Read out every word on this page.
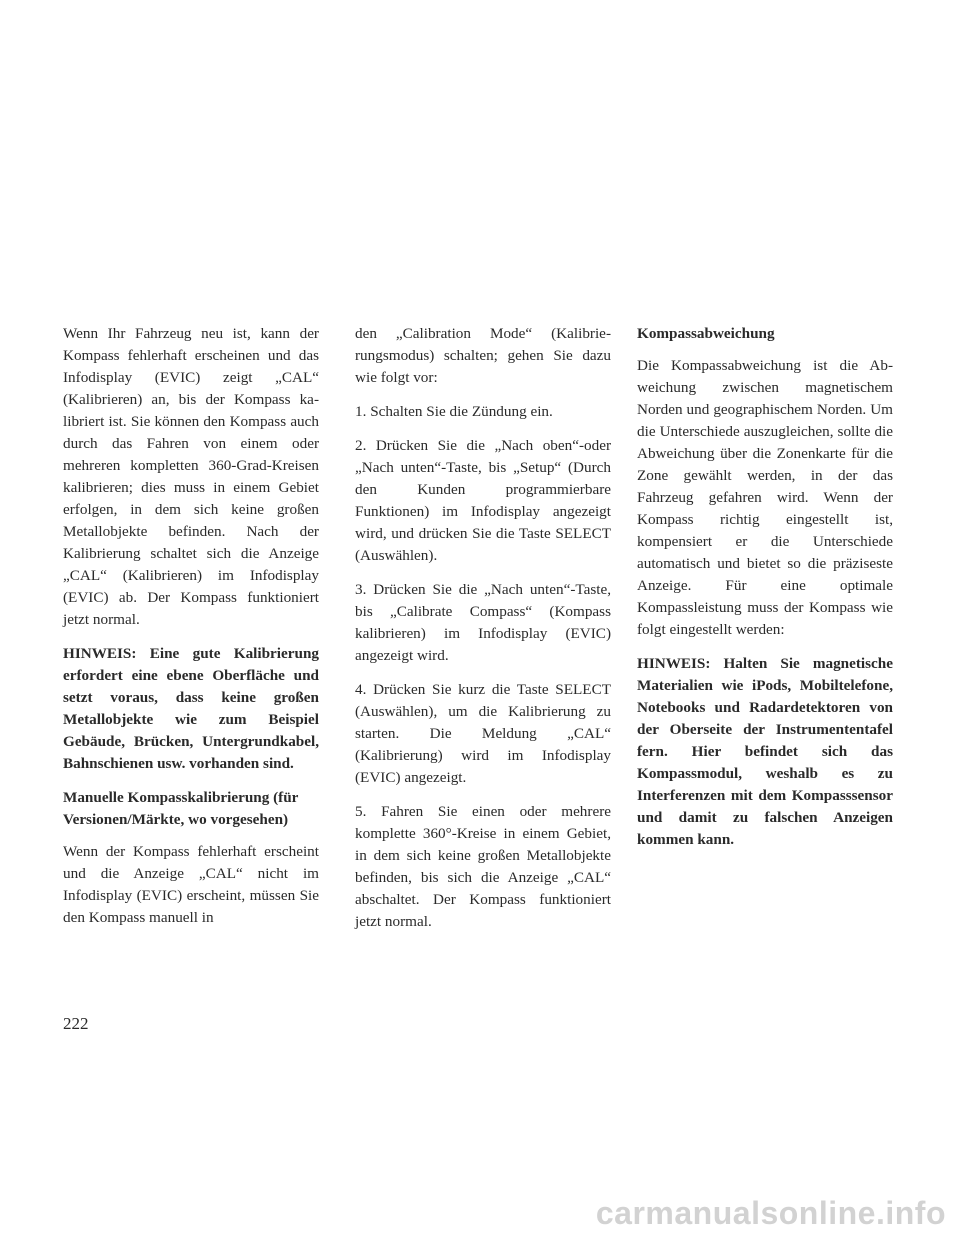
Wenn Ihr Fahrzeug neu ist, kann der Kompass fehlerhaft erscheinen und das Infodisplay (EVIC) zeigt „CAL“ (Kalibrieren) an, bis der Kompass kalibriert ist. Sie können den Kompass auch durch das Fahren von einem oder mehreren kompletten 360-Grad-Kreisen kalibrieren; dies muss in einem Gebiet erfolgen, in dem sich keine großen Metallobjekte befinden. Nach der Kalibrierung schaltet sich die Anzeige „CAL“ (Kalibrieren) im Infodisplay (EVIC) ab. Der Kompass funktioniert jetzt normal.

HINWEIS: Eine gute Kalibrierung erfordert eine ebene Oberfläche und setzt voraus, dass keine großen Metallobjekte wie zum Beispiel Gebäude, Brücken, Untergrundkabel, Bahnschienen usw. vorhanden sind.

Manuelle Kompasskalibrierung (für Versionen/Märkte, wo vorgesehen)

Wenn der Kompass fehlerhaft erscheint und die Anzeige „CAL“ nicht im Infodisplay (EVIC) erscheint, müssen Sie den Kompass manuell in

den „Calibration Mode“ (Kalibrierungsmodus) schalten; gehen Sie dazu wie folgt vor:

1. Schalten Sie die Zündung ein.

2. Drücken Sie die „Nach oben“-oder „Nach unten“-Taste, bis „Setup“ (Durch den Kunden programmierbare Funktionen) im Infodisplay angezeigt wird, und drücken Sie die Taste SELECT (Auswählen).

3. Drücken Sie die „Nach unten“-Taste, bis „Calibrate Compass“ (Kompass kalibrieren) im Infodisplay (EVIC) angezeigt wird.

4. Drücken Sie kurz die Taste SELECT (Auswählen), um die Kalibrierung zu starten. Die Meldung „CAL“ (Kalibrierung) wird im Infodisplay (EVIC) angezeigt.

5. Fahren Sie einen oder mehrere komplette 360°-Kreise in einem Gebiet, in dem sich keine großen Metallobjekte befinden, bis sich die Anzeige „CAL“ abschaltet. Der Kompass funktioniert jetzt normal.

Kompassabweichung

Die Kompassabweichung ist die Abweichung zwischen magnetischem Norden und geographischem Norden. Um die Unterschiede auszugleichen, sollte die Abweichung über die Zonenkarte für die Zone gewählt werden, in der das Fahrzeug gefahren wird. Wenn der Kompass richtig eingestellt ist, kompensiert er die Unterschiede automatisch und bietet so die präziseste Anzeige. Für eine optimale Kompassleistung muss der Kompass wie folgt eingestellt werden:

HINWEIS: Halten Sie magnetische Materialien wie iPods, Mobiltelefone, Notebooks und Radardetektoren von der Oberseite der Instrumententafel fern. Hier befindet sich das Kompassmodul, weshalb es zu Interferenzen mit dem Kompasssensor und damit zu falschen Anzeigen kommen kann.

222
carmanualsonline.info
